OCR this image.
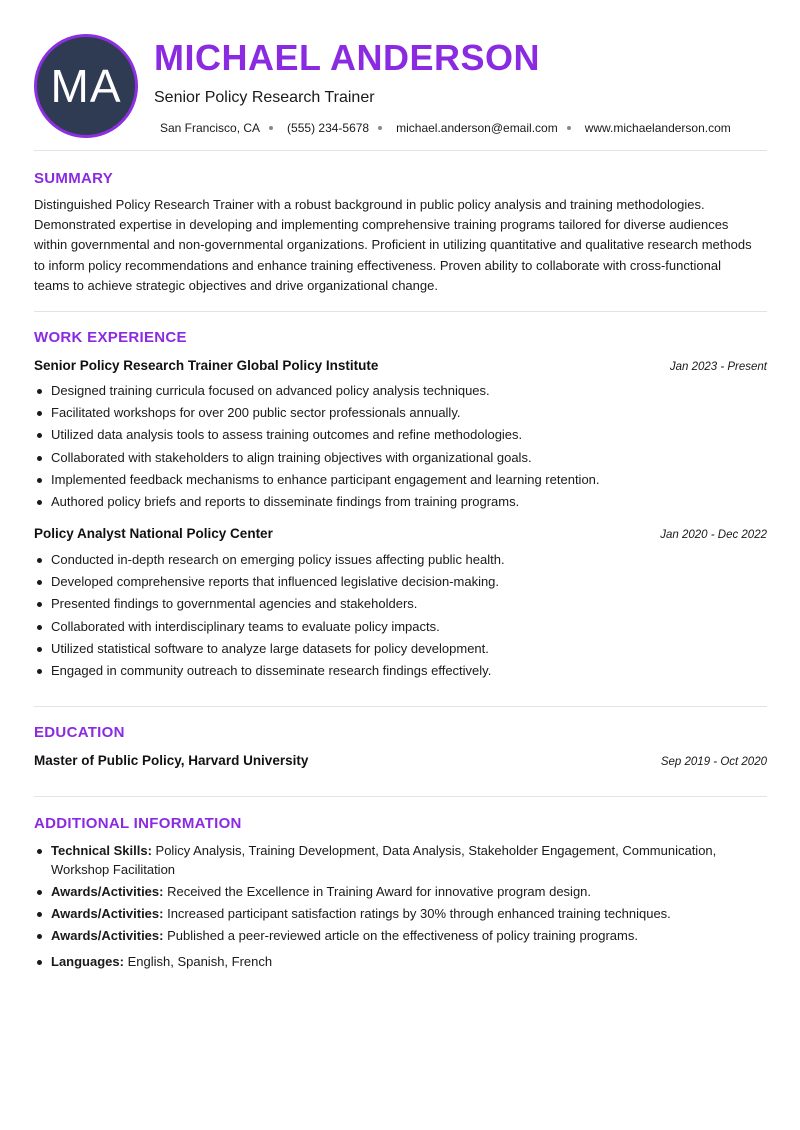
MA
MICHAEL ANDERSON
Senior Policy Research Trainer
San Francisco, CA (555) 234-5678 michael.anderson@email.com www.michaelanderson.com
SUMMARY
Distinguished Policy Research Trainer with a robust background in public policy analysis and training methodologies. Demonstrated expertise in developing and implementing comprehensive training programs tailored for diverse audiences within governmental and non-governmental organizations. Proficient in utilizing quantitative and qualitative research methods to inform policy recommendations and enhance training effectiveness. Proven ability to collaborate with cross-functional teams to achieve strategic objectives and drive organizational change.
WORK EXPERIENCE
Senior Policy Research Trainer Global Policy Institute	Jan 2023 - Present
Designed training curricula focused on advanced policy analysis techniques.
Facilitated workshops for over 200 public sector professionals annually.
Utilized data analysis tools to assess training outcomes and refine methodologies.
Collaborated with stakeholders to align training objectives with organizational goals.
Implemented feedback mechanisms to enhance participant engagement and learning retention.
Authored policy briefs and reports to disseminate findings from training programs.
Policy Analyst National Policy Center	Jan 2020 - Dec 2022
Conducted in-depth research on emerging policy issues affecting public health.
Developed comprehensive reports that influenced legislative decision-making.
Presented findings to governmental agencies and stakeholders.
Collaborated with interdisciplinary teams to evaluate policy impacts.
Utilized statistical software to analyze large datasets for policy development.
Engaged in community outreach to disseminate research findings effectively.
EDUCATION
Master of Public Policy, Harvard University	Sep 2019 - Oct 2020
ADDITIONAL INFORMATION
Technical Skills: Policy Analysis, Training Development, Data Analysis, Stakeholder Engagement, Communication, Workshop Facilitation
Awards/Activities: Received the Excellence in Training Award for innovative program design.
Awards/Activities: Increased participant satisfaction ratings by 30% through enhanced training techniques.
Awards/Activities: Published a peer-reviewed article on the effectiveness of policy training programs.
Languages: English, Spanish, French
